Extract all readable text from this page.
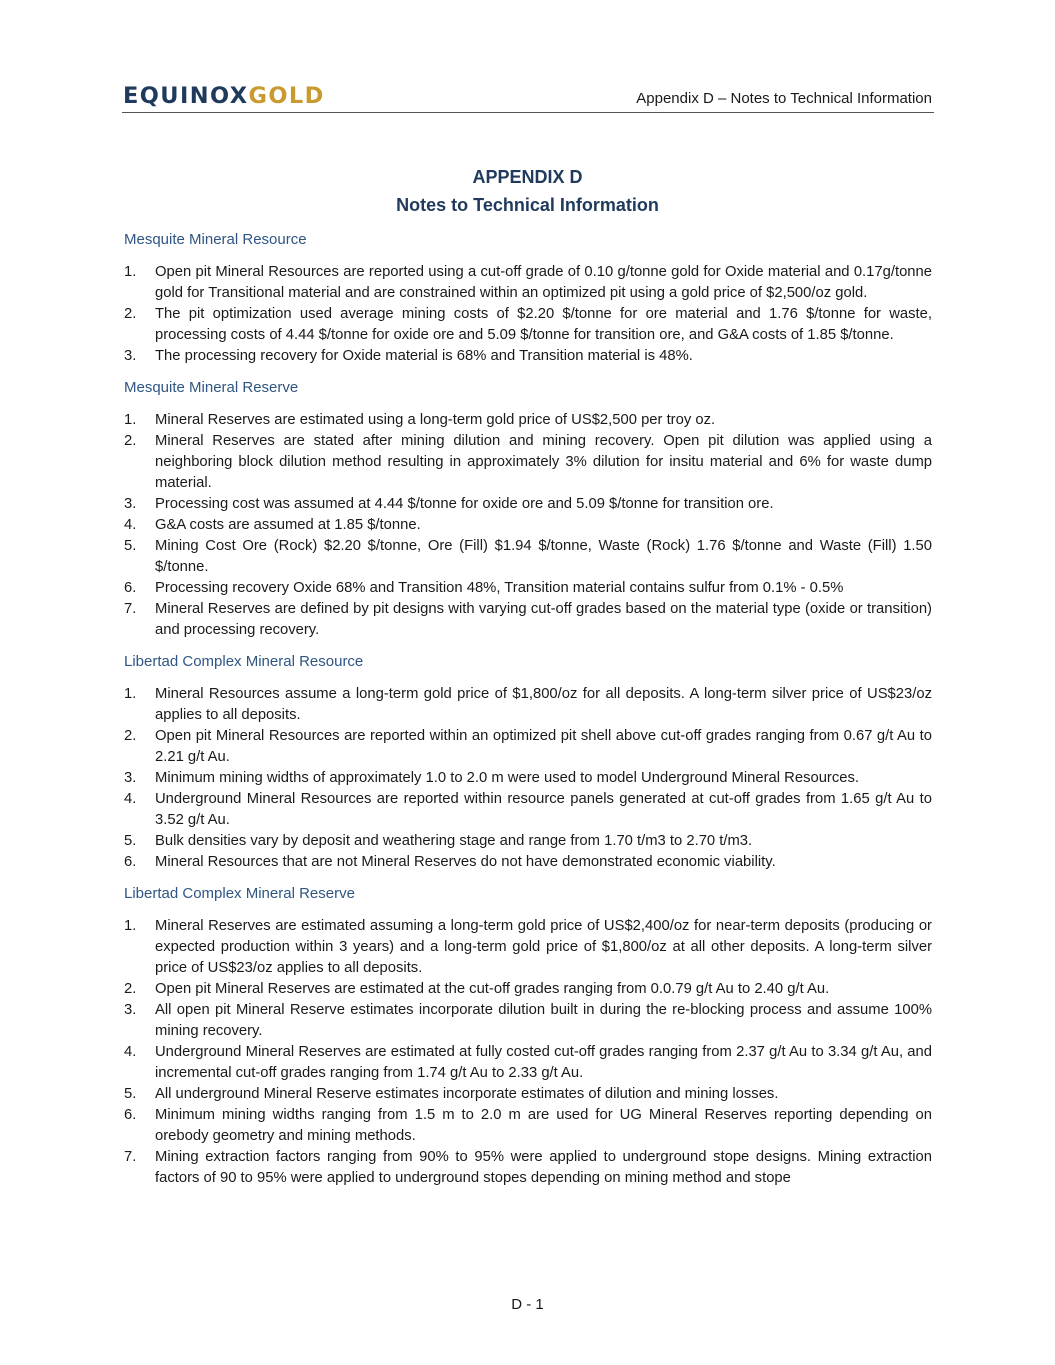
EQUINOXGOLD	Appendix D – Notes to Technical Information
APPENDIX D
Notes to Technical Information
Mesquite Mineral Resource
1. Open pit Mineral Resources are reported using a cut-off grade of 0.10 g/tonne gold for Oxide material and 0.17g/tonne gold for Transitional material and are constrained within an optimized pit using a gold price of $2,500/oz gold.
2. The pit optimization used average mining costs of $2.20 $/tonne for ore material and 1.76 $/tonne for waste, processing costs of 4.44 $/tonne for oxide ore and 5.09 $/tonne for transition ore, and G&A costs of 1.85 $/tonne.
3. The processing recovery for Oxide material is 68% and Transition material is 48%.
Mesquite Mineral Reserve
1. Mineral Reserves are estimated using a long-term gold price of US$2,500 per troy oz.
2. Mineral Reserves are stated after mining dilution and mining recovery. Open pit dilution was applied using a neighboring block dilution method resulting in approximately 3% dilution for insitu material and 6% for waste dump material.
3. Processing cost was assumed at 4.44 $/tonne for oxide ore and 5.09 $/tonne for transition ore.
4. G&A costs are assumed at 1.85 $/tonne.
5. Mining Cost Ore (Rock) $2.20 $/tonne, Ore (Fill) $1.94 $/tonne, Waste (Rock) 1.76 $/tonne and Waste (Fill) 1.50 $/tonne.
6. Processing recovery Oxide 68% and Transition 48%, Transition material contains sulfur from 0.1% - 0.5%
7. Mineral Reserves are defined by pit designs with varying cut-off grades based on the material type (oxide or transition) and processing recovery.
Libertad Complex Mineral Resource
1. Mineral Resources assume a long-term gold price of $1,800/oz for all deposits. A long-term silver price of US$23/oz applies to all deposits.
2. Open pit Mineral Resources are reported within an optimized pit shell above cut-off grades ranging from 0.67 g/t Au to 2.21 g/t Au.
3. Minimum mining widths of approximately 1.0 to 2.0 m were used to model Underground Mineral Resources.
4. Underground Mineral Resources are reported within resource panels generated at cut-off grades from 1.65 g/t Au to 3.52 g/t Au.
5. Bulk densities vary by deposit and weathering stage and range from 1.70 t/m3 to 2.70 t/m3.
6. Mineral Resources that are not Mineral Reserves do not have demonstrated economic viability.
Libertad Complex Mineral Reserve
1. Mineral Reserves are estimated assuming a long-term gold price of US$2,400/oz for near-term deposits (producing or expected production within 3 years) and a long-term gold price of $1,800/oz at all other deposits. A long-term silver price of US$23/oz applies to all deposits.
2. Open pit Mineral Reserves are estimated at the cut-off grades ranging from 0.0.79 g/t Au to 2.40 g/t Au.
3. All open pit Mineral Reserve estimates incorporate dilution built in during the re-blocking process and assume 100% mining recovery.
4. Underground Mineral Reserves are estimated at fully costed cut-off grades ranging from 2.37 g/t Au to 3.34 g/t Au, and incremental cut-off grades ranging from 1.74 g/t Au to 2.33 g/t Au.
5. All underground Mineral Reserve estimates incorporate estimates of dilution and mining losses.
6. Minimum mining widths ranging from 1.5 m to 2.0 m are used for UG Mineral Reserves reporting depending on orebody geometry and mining methods.
7. Mining extraction factors ranging from 90% to 95% were applied to underground stope designs. Mining extraction factors of 90 to 95% were applied to underground stopes depending on mining method and stope
D - 1
